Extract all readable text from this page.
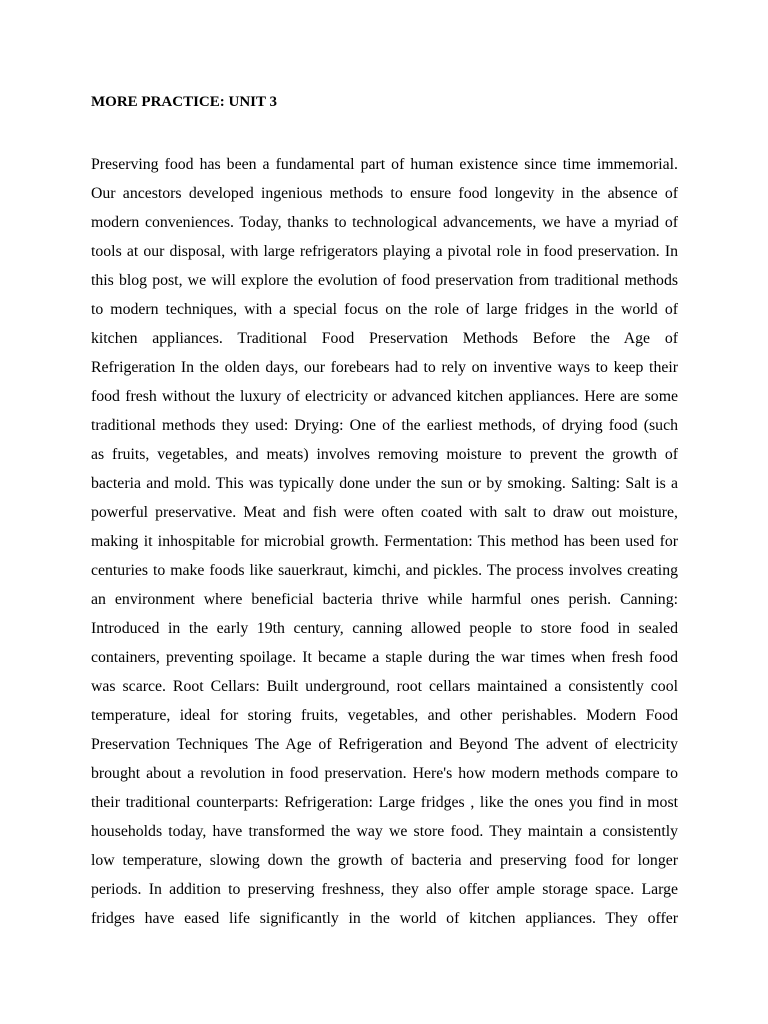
MORE PRACTICE: UNIT 3
Preserving food has been a fundamental part of human existence since time immemorial.
Our ancestors developed ingenious methods to ensure food longevity in the absence of
modern conveniences. Today, thanks to technological advancements, we have a myriad of
tools at our disposal, with large refrigerators playing a pivotal role in food preservation. In
this blog post, we will explore the evolution of food preservation from traditional methods
to modern techniques, with a special focus on the role of large fridges in the world of
kitchen appliances. Traditional Food Preservation Methods Before the Age of
Refrigeration In the olden days, our forebears had to rely on inventive ways to keep their
food fresh without the luxury of electricity or advanced kitchen appliances. Here are some
traditional methods they used: Drying: One of the earliest methods, of drying food (such
as fruits, vegetables, and meats) involves removing moisture to prevent the growth of
bacteria and mold. This was typically done under the sun or by smoking. Salting: Salt is a
powerful preservative. Meat and fish were often coated with salt to draw out moisture,
making it inhospitable for microbial growth. Fermentation: This method has been used for
centuries to make foods like sauerkraut, kimchi, and pickles. The process involves creating
an environment where beneficial bacteria thrive while harmful ones perish. Canning:
Introduced in the early 19th century, canning allowed people to store food in sealed
containers, preventing spoilage. It became a staple during the war times when fresh food
was scarce. Root Cellars: Built underground, root cellars maintained a consistently cool
temperature, ideal for storing fruits, vegetables, and other perishables. Modern Food
Preservation Techniques The Age of Refrigeration and Beyond The advent of electricity
brought about a revolution in food preservation. Here's how modern methods compare to
their traditional counterparts: Refrigeration: Large fridges , like the ones you find in most
households today, have transformed the way we store food. They maintain a consistently
low temperature, slowing down the growth of bacteria and preserving food for longer
periods. In addition to preserving freshness, they also offer ample storage space. Large
fridges have eased life significantly in the world of kitchen appliances. They offer
